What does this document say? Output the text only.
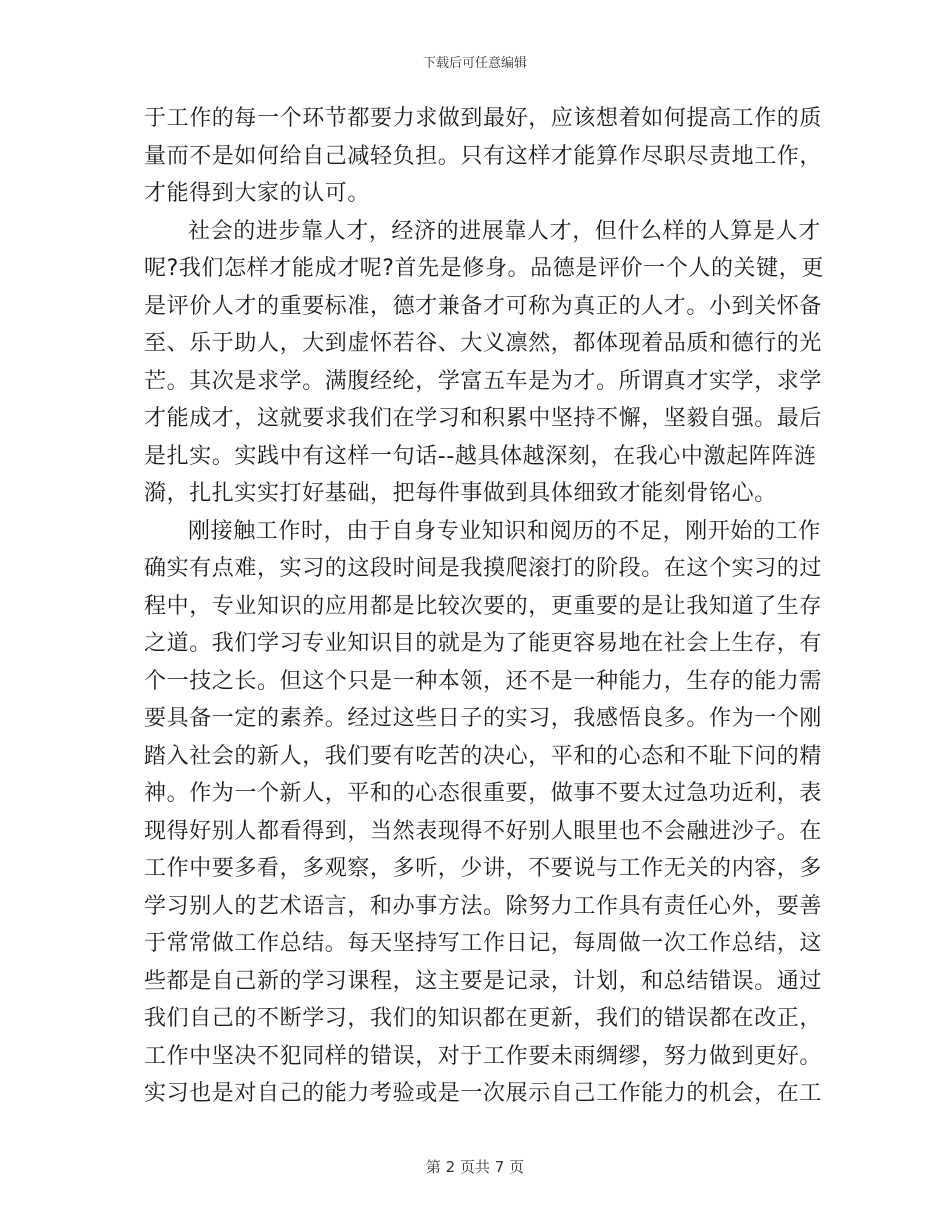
下载后可任意编辑
于工作的每一个环节都要力求做到最好，应该想着如何提高工作的质
量而不是如何给自己减轻负担。只有这样才能算作尽职尽责地工作，
才能得到大家的认可。
社会的进步靠人才，经济的进展靠人才，但什么样的人算是人才
呢?我们怎样才能成才呢?首先是修身。品德是评价一个人的关键，更
是评价人才的重要标准，德才兼备才可称为真正的人才。小到关怀备
至、乐于助人，大到虚怀若谷、大义凛然，都体现着品质和德行的光
芒。其次是求学。满腹经纶，学富五车是为才。所谓真才实学，求学
才能成才，这就要求我们在学习和积累中坚持不懈，坚毅自强。最后
是扎实。实践中有这样一句话--越具体越深刻，在我心中激起阵阵涟
漪，扎扎实实打好基础，把每件事做到具体细致才能刻骨铭心。
刚接触工作时，由于自身专业知识和阅历的不足，刚开始的工作
确实有点难，实习的这段时间是我摸爬滚打的阶段。在这个实习的过
程中，专业知识的应用都是比较次要的，更重要的是让我知道了生存
之道。我们学习专业知识目的就是为了能更容易地在社会上生存，有
个一技之长。但这个只是一种本领，还不是一种能力，生存的能力需
要具备一定的素养。经过这些日子的实习，我感悟良多。作为一个刚
踏入社会的新人，我们要有吃苦的决心，平和的心态和不耻下问的精
神。作为一个新人，平和的心态很重要，做事不要太过急功近利，表
现得好别人都看得到，当然表现得不好别人眼里也不会融进沙子。在
工作中要多看，多观察，多听，少讲，不要说与工作无关的内容，多
学习别人的艺术语言，和办事方法。除努力工作具有责任心外，要善
于常常做工作总结。每天坚持写工作日记，每周做一次工作总结，这
些都是自己新的学习课程，这主要是记录，计划，和总结错误。通过
我们自己的不断学习，我们的知识都在更新，我们的错误都在改正，
工作中坚决不犯同样的错误，对于工作要未雨绸缪，努力做到更好。
实习也是对自己的能力考验或是一次展示自己工作能力的机会，在工
第 2 页共 7 页
